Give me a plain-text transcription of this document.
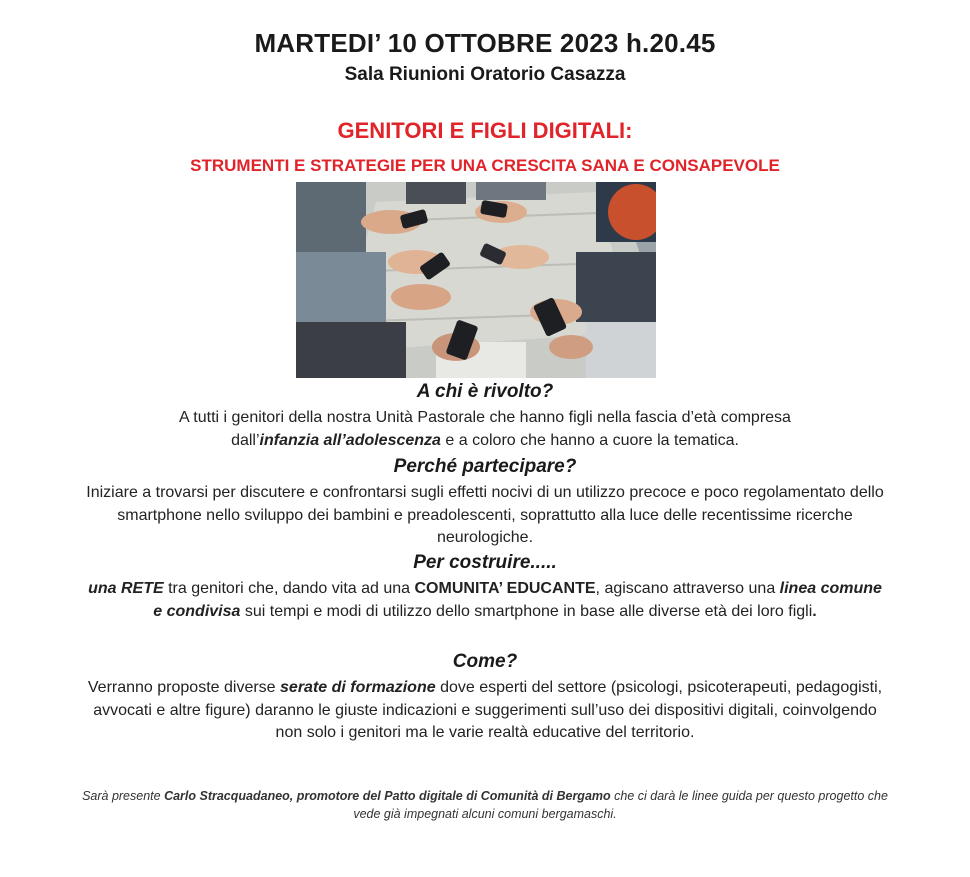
MARTEDI’ 10 OTTOBRE 2023 h.20.45
Sala Riunioni Oratorio Casazza
GENITORI E FIGLI DIGITALI:
STRUMENTI E STRATEGIE PER UNA CRESCITA SANA E CONSAPEVOLE
A chi è rivolto?
A tutti i genitori della nostra Unità Pastorale che hanno figli nella fascia d’età compresa
dall’infanzia all’adolescenza e a coloro che hanno a cuore la tematica.
Perché partecipare?
Iniziare a trovarsi per discutere e confrontarsi sugli effetti nocivi di un utilizzo precoce e poco regolamentato dello smartphone nello sviluppo dei bambini e preadolescenti, soprattutto alla luce delle recentissime ricerche neurologiche.
Per costruire.....
una RETE tra genitori che, dando vita ad una COMUNITA’ EDUCANTE, agiscano attraverso una linea comune e condivisa sui tempi e modi di utilizzo dello smartphone in base alle diverse età dei loro figli.
Come?
Verranno proposte diverse serate di formazione dove esperti del settore (psicologi, psicoterapeuti, pedagogisti, avvocati e altre figure) daranno le giuste indicazioni e suggerimenti sull’uso dei dispositivi digitali, coinvolgendo non solo i genitori ma le varie realtà educative del territorio.
Sarà presente Carlo Stracquadaneo, promotore del Patto digitale di Comunità di Bergamo che ci darà le linee guida per questo progetto che vede già impegnati alcuni comuni bergamaschi.
